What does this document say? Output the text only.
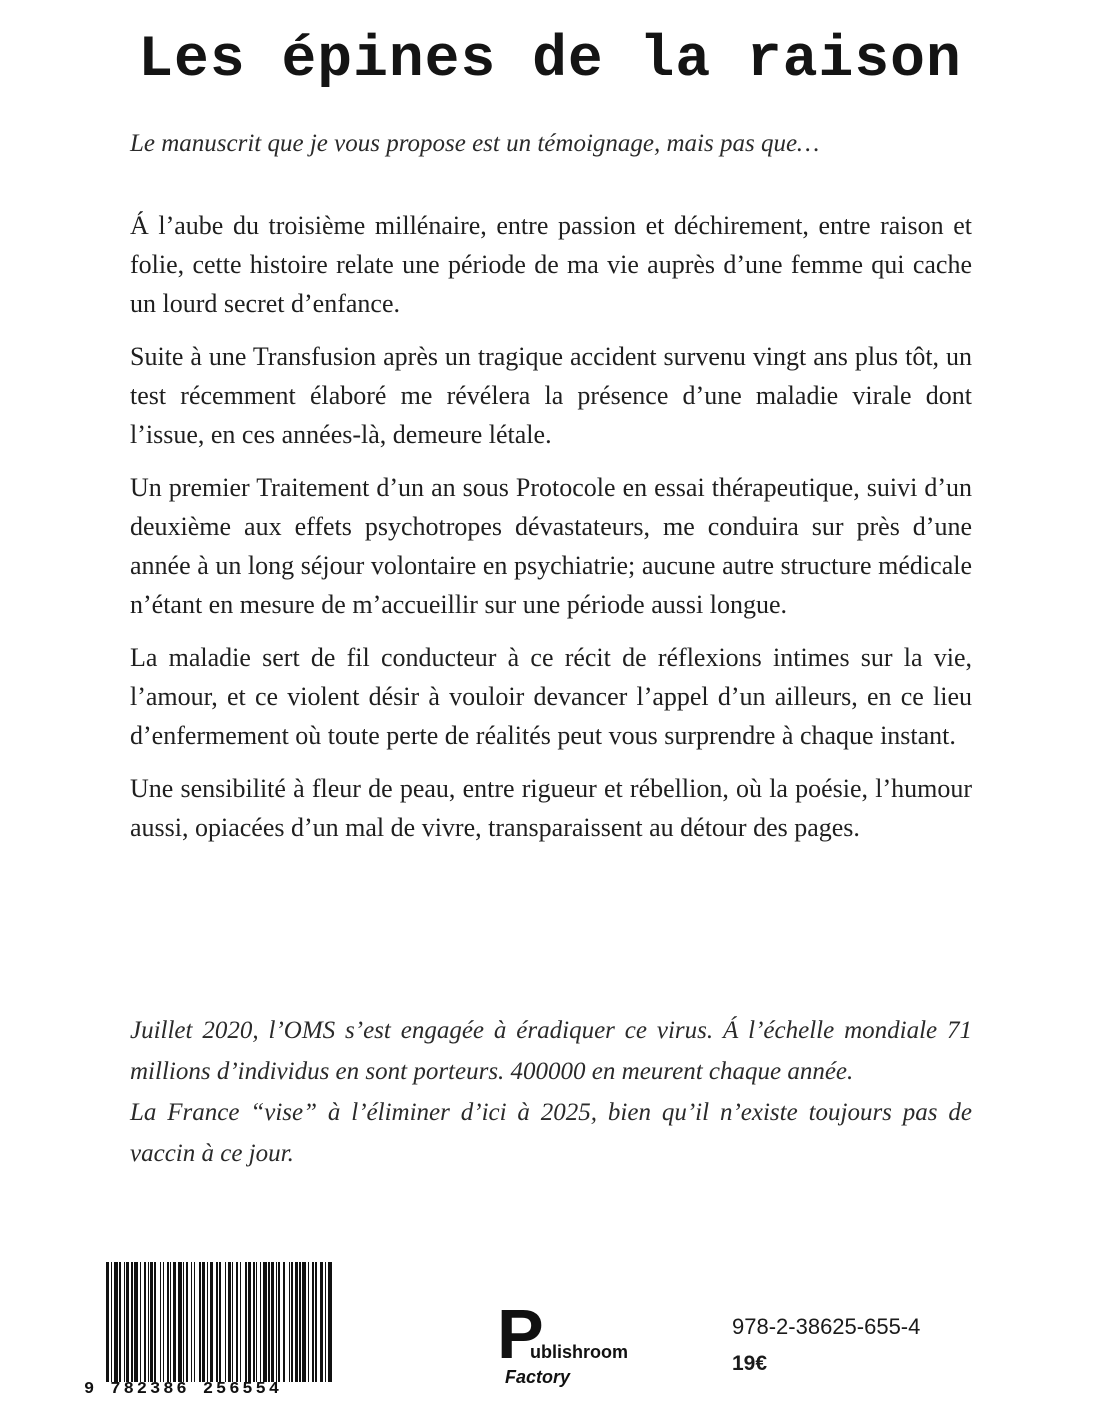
Les épines de la raison

Le manuscrit que je vous propose est un témoignage, mais pas que…

Á l’aube du troisième millénaire, entre passion et déchirement, entre raison et folie, cette histoire relate une période de ma vie auprès d’une femme qui cache un lourd secret d’enfance.

Suite à une Transfusion après un tragique accident survenu vingt ans plus tôt, un test récemment élaboré me révélera la présence d’une maladie virale dont l’issue, en ces années-là, demeure létale.

Un premier Traitement d’un an sous Protocole en essai thérapeutique, suivi d’un deuxième aux effets psychotropes dévastateurs, me conduira sur près d’une année à un long séjour volontaire en psychiatrie; aucune autre structure médicale n’étant en mesure de m’accueillir sur une période aussi longue.

La maladie sert de fil conducteur à ce récit de réflexions intimes sur la vie, l’amour, et ce violent désir à vouloir devancer l’appel d’un ailleurs, en ce lieu d’enfermement où toute perte de réalités peut vous surprendre à chaque instant.

Une sensibilité à fleur de peau, entre rigueur et rébellion, où la poésie, l’humour aussi, opiacées d’un mal de vivre, transparaissent au détour des pages.

Juillet 2020, l’OMS s’est engagée à éradiquer ce virus. Á l’échelle mondiale 71 millions d’individus en sont porteurs. 400000 en meurent chaque année.

La France “vise” à l’éliminer d’ici à 2025, bien qu’il n’existe toujours pas de vaccin à ce jour.

9 782386 256554
P
ublishroom
Factory
978-2-38625-655-4
19€
